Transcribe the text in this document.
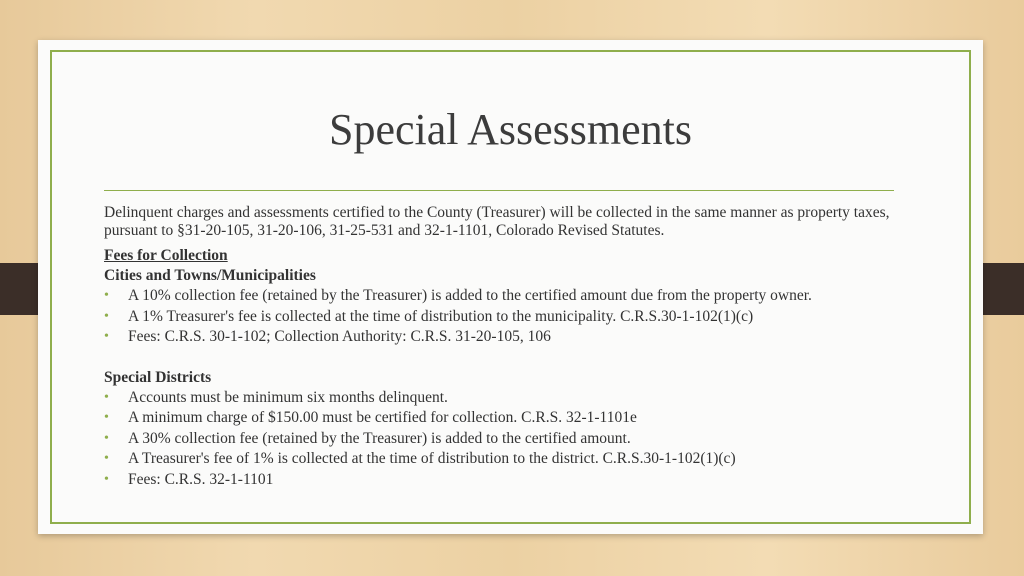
Special Assessments

Delinquent charges and assessments certified to the County (Treasurer) will be collected in the same manner as property taxes, pursuant to §31-20-105, 31-20-106, 31-25-531 and 32-1-1101, Colorado Revised Statutes.

Fees for Collection

Cities and Towns/Municipalities

• A 10% collection fee (retained by the Treasurer) is added to the certified amount due from the property owner.
• A 1% Treasurer's fee is collected at the time of distribution to the municipality. C.R.S.30-1-102(1)(c)
• Fees: C.R.S. 30-1-102; Collection Authority: C.R.S. 31-20-105, 106

Special Districts

• Accounts must be minimum six months delinquent.
• A minimum charge of $150.00 must be certified for collection. C.R.S. 32-1-1101e
• A 30% collection fee (retained by the Treasurer) is added to the certified amount.
• A Treasurer's fee of 1% is collected at the time of distribution to the district. C.R.S.30-1-102(1)(c)
• Fees: C.R.S. 32-1-1101
